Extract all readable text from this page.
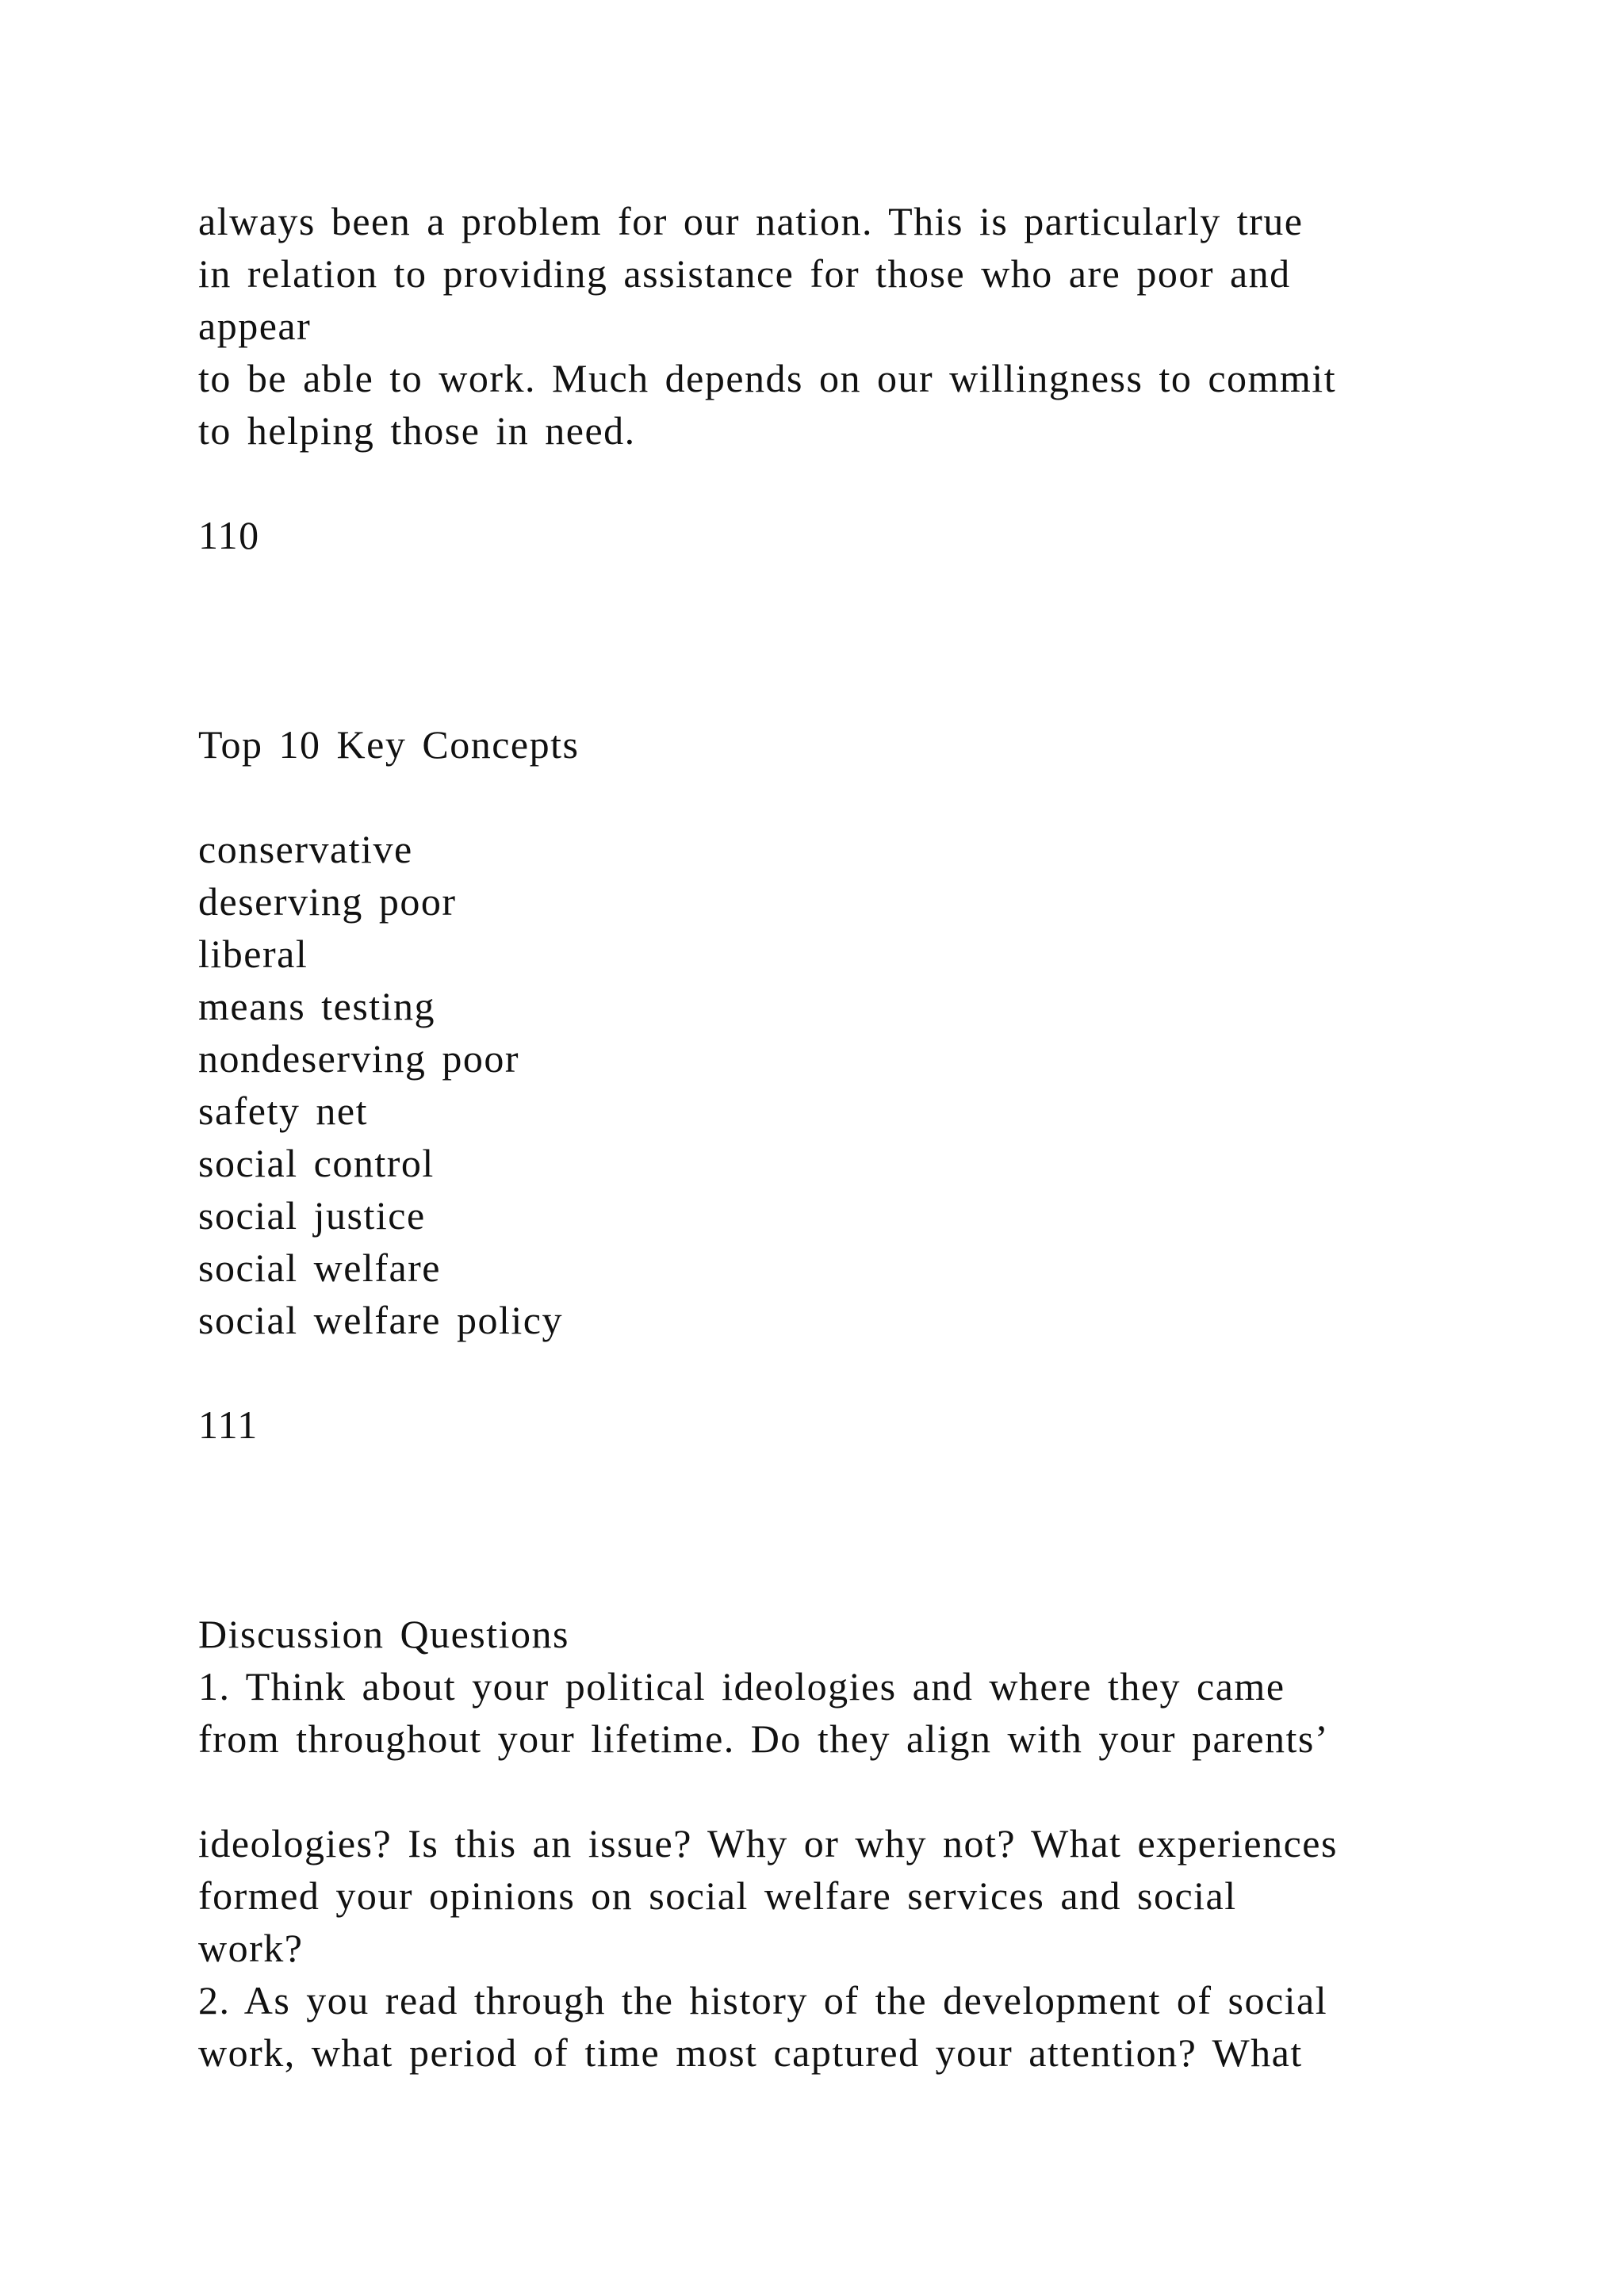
always been a problem for our nation. This is particularly true
in relation to providing assistance for those who are poor and
appear
to be able to work. Much depends on our willingness to commit
to helping those in need.
110
Top 10 Key Concepts
conservative
deserving poor
liberal
means testing
nondeserving poor
safety net
social control
social justice
social welfare
social welfare policy
111
Discussion Questions
1. Think about your political ideologies and where they came
from throughout your lifetime. Do they align with your parents’
ideologies? Is this an issue? Why or why not? What experiences
formed your opinions on social welfare services and social
work?
2. As you read through the history of the development of social
work, what period of time most captured your attention? What
